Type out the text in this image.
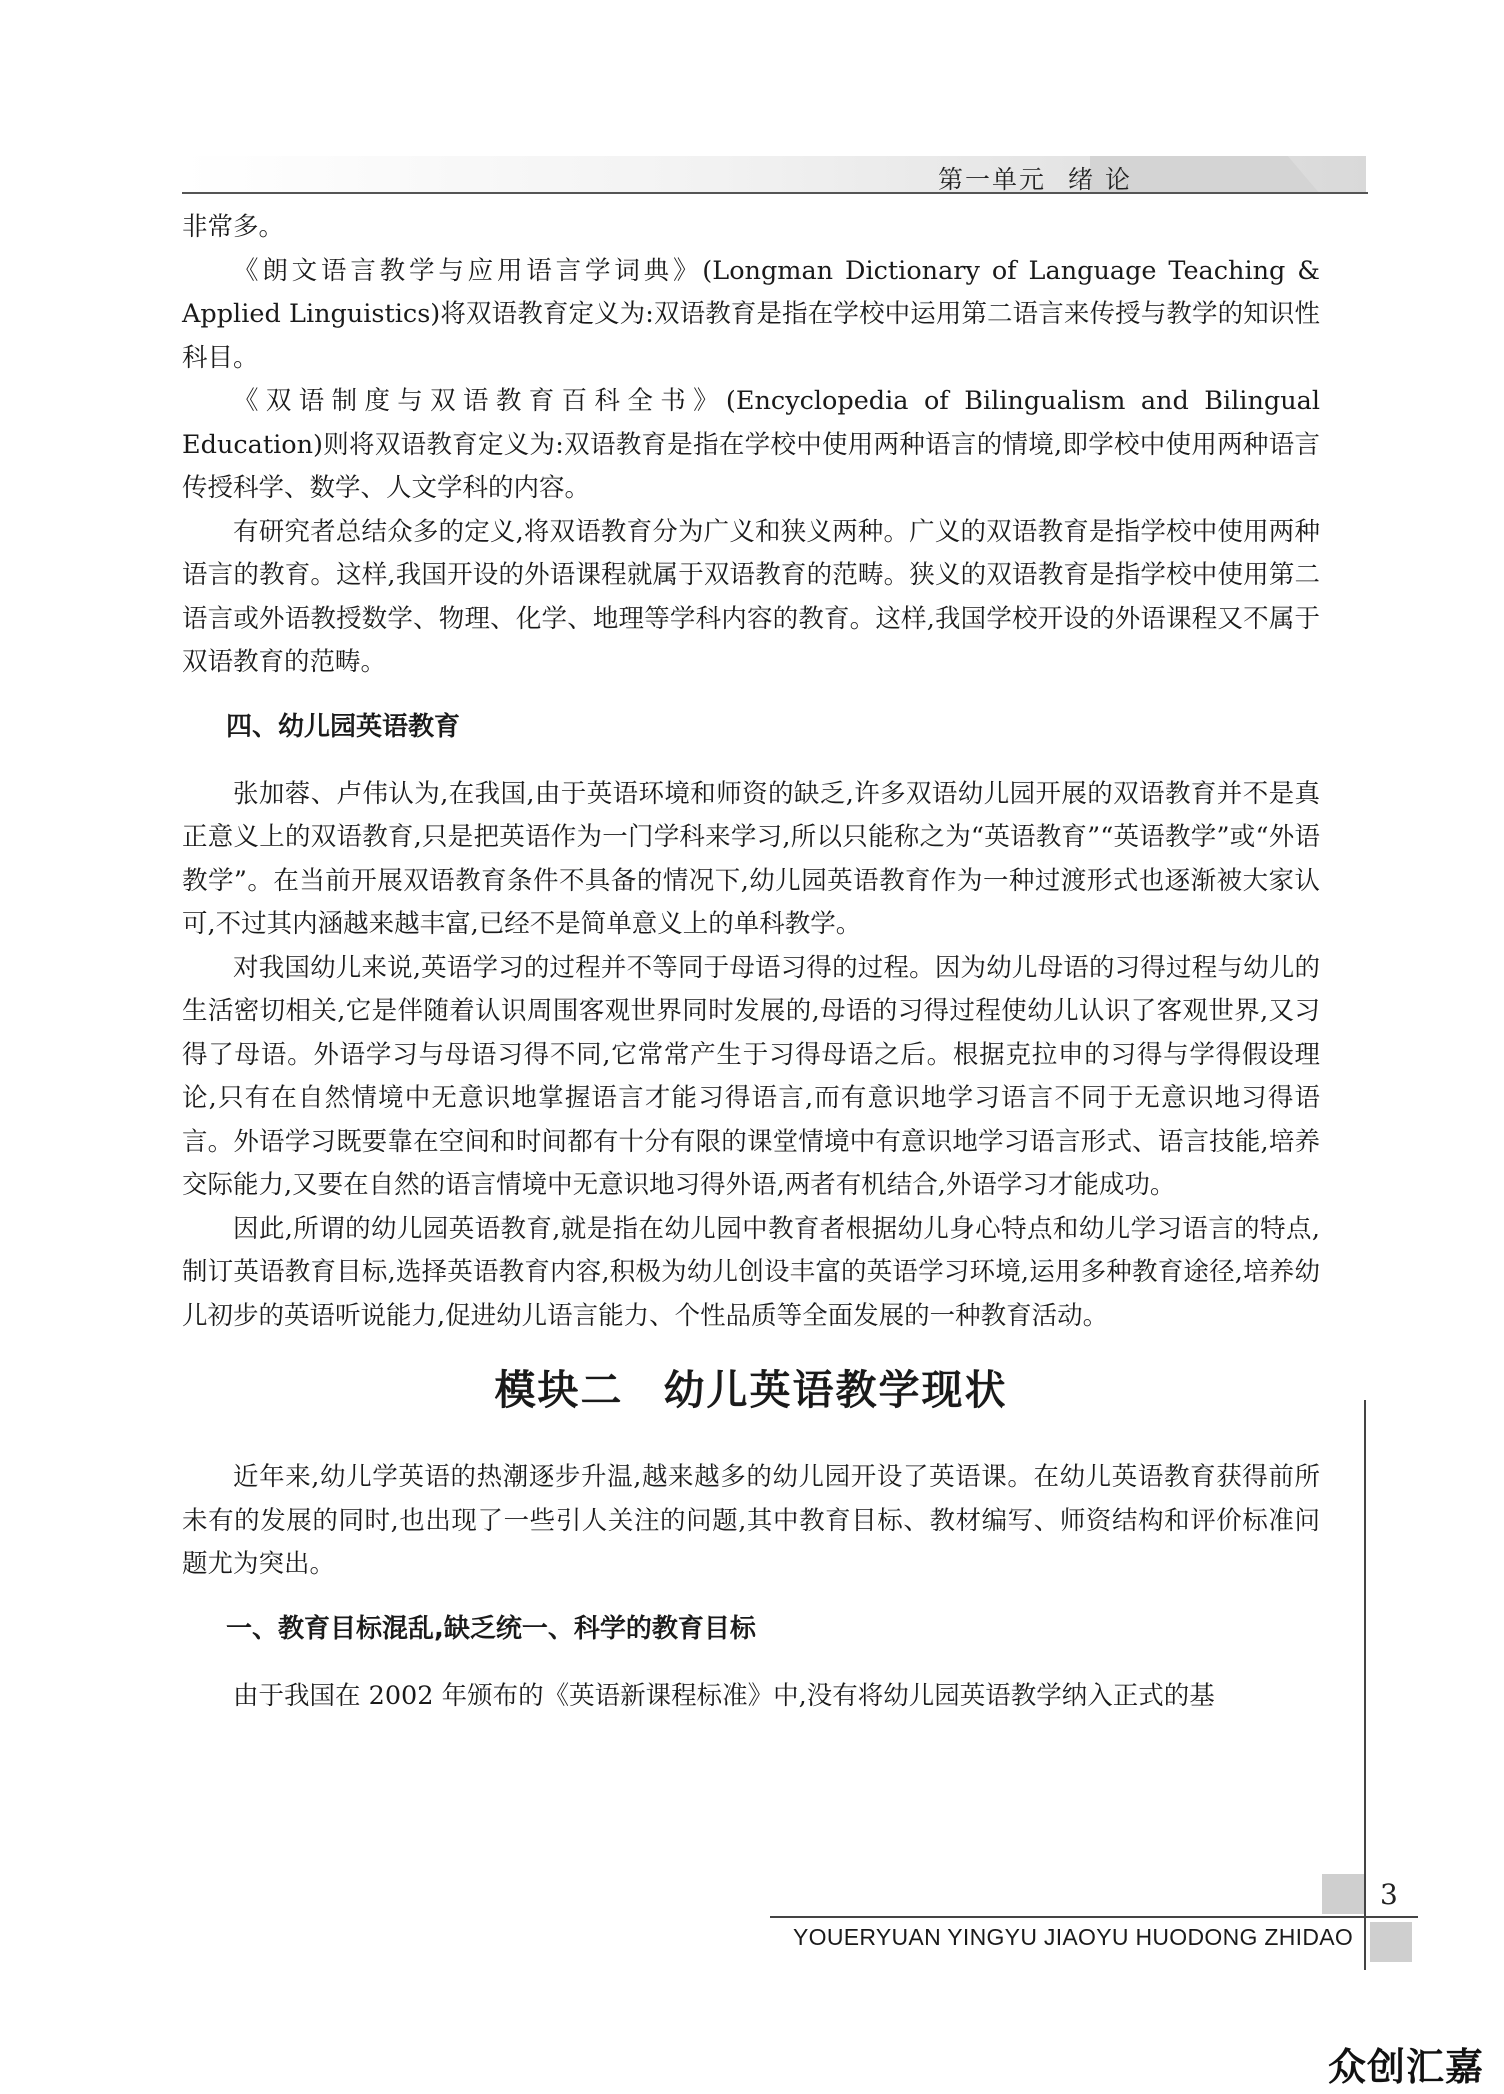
第一单元 绪 论

非常多。

《朗文语言教学与应用语言学词典》(Longman Dictionary of Language Teaching & Applied Linguistics)将双语教育定义为:双语教育是指在学校中运用第二语言来传授与教学的知识性科目。

《双语制度与双语教育百科全书》(Encyclopedia of Bilingualism and Bilingual Education)则将双语教育定义为:双语教育是指在学校中使用两种语言的情境,即学校中使用两种语言传授科学、数学、人文学科的内容。

有研究者总结众多的定义,将双语教育分为广义和狭义两种。广义的双语教育是指学校中使用两种语言的教育。这样,我国开设的外语课程就属于双语教育的范畴。狭义的双语教育是指学校中使用第二语言或外语教授数学、物理、化学、地理等学科内容的教育。这样,我国学校开设的外语课程又不属于双语教育的范畴。

四、幼儿园英语教育

张加蓉、卢伟认为,在我国,由于英语环境和师资的缺乏,许多双语幼儿园开展的双语教育并不是真正意义上的双语教育,只是把英语作为一门学科来学习,所以只能称之为“英语教育”“英语教学”或“外语教学”。在当前开展双语教育条件不具备的情况下,幼儿园英语教育作为一种过渡形式也逐渐被大家认可,不过其内涵越来越丰富,已经不是简单意义上的单科教学。

对我国幼儿来说,英语学习的过程并不等同于母语习得的过程。因为幼儿母语的习得过程与幼儿的生活密切相关,它是伴随着认识周围客观世界同时发展的,母语的习得过程使幼儿认识了客观世界,又习得了母语。外语学习与母语习得不同,它常常产生于习得母语之后。根据克拉申的习得与学得假设理论,只有在自然情境中无意识地掌握语言才能习得语言,而有意识地学习语言不同于无意识地习得语言。外语学习既要靠在空间和时间都有十分有限的课堂情境中有意识地学习语言形式、语言技能,培养交际能力,又要在自然的语言情境中无意识地习得外语,两者有机结合,外语学习才能成功。

因此,所谓的幼儿园英语教育,就是指在幼儿园中教育者根据幼儿身心特点和幼儿学习语言的特点,制订英语教育目标,选择英语教育内容,积极为幼儿创设丰富的英语学习环境,运用多种教育途径,培养幼儿初步的英语听说能力,促进幼儿语言能力、个性品质等全面发展的一种教育活动。

模块二 幼儿英语教学现状

近年来,幼儿学英语的热潮逐步升温,越来越多的幼儿园开设了英语课。在幼儿英语教育获得前所未有的发展的同时,也出现了一些引人关注的问题,其中教育目标、教材编写、师资结构和评价标准问题尤为突出。

一、教育目标混乱,缺乏统一、科学的教育目标

由于我国在 2002 年颁布的《英语新课程标准》中,没有将幼儿园英语教学纳入正式的基

3
YOUERYUAN YINGYU JIAOYU HUODONG ZHIDAO
众创汇嘉
